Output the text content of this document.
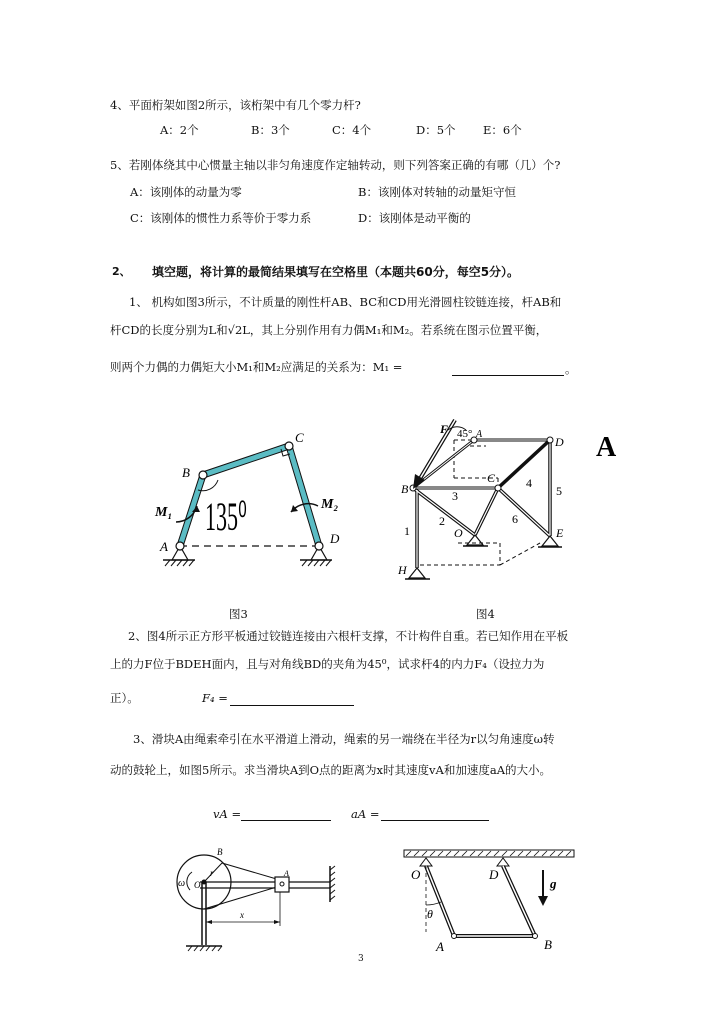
4、平面桁架如图2所示，该桁架中有几个零力杆?
A：2个	B：3个	C：4个	D：5个 E：6个
5、若刚体绕其中心惯量主轴以非匀角速度作定轴转动，则下列答案正确的有哪（几）个?
A：该刚体的动量为零	B：该刚体对转轴的动量矩守恒
C：该刚体的惯性力系等价于零力系	D：该刚体是动平衡的
2、 填空题，将计算的最简结果填写在空格里（本题共60分，每空5分）。
1、 机构如图3所示，不计质量的刚性杆AB、BC和CD用光滑圆柱铰链连接，杆AB和
杆CD的长度分别为L和√2L，其上分别作用有力偶M₁和M₂。若系统在图示位置平衡，
则两个力偶的力偶矩大小M₁和M₂应满足的关系为：M₁ =	。
C
B
A
D
M₁
M₂
135⁰
F 45° A
D
B
C
E
H
O
1
2
3
4
5
6
A
图3	图4
2、图4所示正方形平板通过铰链连接由六根杆支撑，不计构件自重。若已知作用在平板
上的力F位于BDEH面内，且与对角线BD的夹角为45⁰，试求杆4的内力F₄（设拉力为
正）。	F₄ =
3、滑块A由绳索牵引在水平滑道上滑动，绳索的另一端绕在半径为r以匀角速度ω转
动的鼓轮上，如图5所示。求当滑块A到O点的距离为x时其速度vA和加速度aA的大小。
vA =	aA =
B
r
ω O
A
x
O	D
θ
A	B
g
3
